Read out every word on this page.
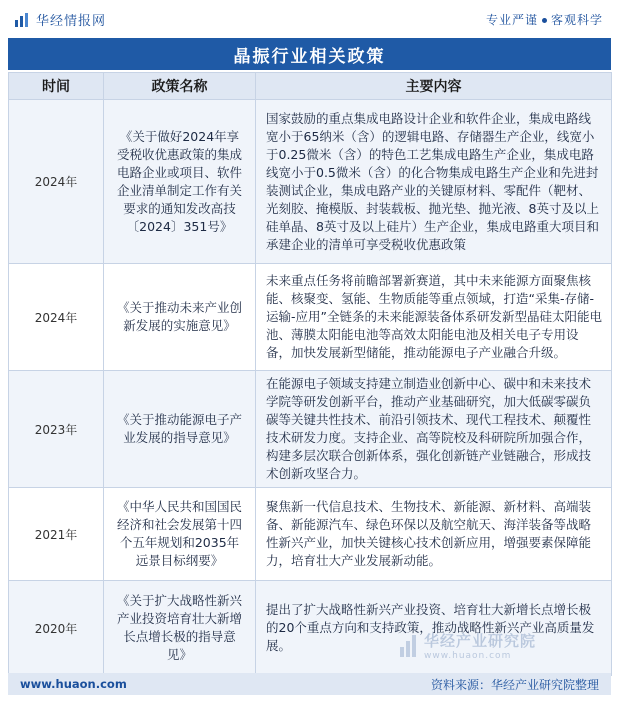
华经情报网	专业严谨 客观科学
晶振行业相关政策
时间	政策名称	主要内容
2024年	《关于做好2024年享受税收优惠政策的集成电路企业或项目、软件企业清单制定工作有关要求的通知发改高技〔2024〕351号》	国家鼓励的重点集成电路设计企业和软件企业，集成电路线宽小于65纳米（含）的逻辑电路、存储器生产企业，线宽小于0.25微米（含）的特色工艺集成电路生产企业，集成电路线宽小于0.5微米（含）的化合物集成电路生产企业和先进封装测试企业，集成电路产业的关键原材料、零配件（靶材、光刻胶、掩模版、封装载板、抛光垫、抛光液、8英寸及以上硅单晶、8英寸及以上硅片）生产企业，集成电路重大项目和承建企业的清单可享受税收优惠政策
2024年	《关于推动未来产业创新发展的实施意见》	未来重点任务将前瞻部署新赛道，其中未来能源方面聚焦核能、核聚变、氢能、生物质能等重点领域，打造“采集-存储-运输-应用”全链条的未来能源装备体系研发新型晶硅太阳能电池、薄膜太阳能电池等高效太阳能电池及相关电子专用设备，加快发展新型储能，推动能源电子产业融合升级。
2023年	《关于推动能源电子产业发展的指导意见》	在能源电子领域支持建立制造业创新中心、碳中和未来技术学院等研发创新平台，推动产业基础研究，加大低碳零碳负碳等关键共性技术、前沿引领技术、现代工程技术、颠覆性技术研发力度。支持企业、高等院校及科研院所加强合作，构建多层次联合创新体系，强化创新链产业链融合，形成技术创新攻坚合力。
2021年	《中华人民共和国国民经济和社会发展第十四个五年规划和2035年远景目标纲要》	聚焦新一代信息技术、生物技术、新能源、新材料、高端装备、新能源汽车、绿色环保以及航空航天、海洋装备等战略性新兴产业，加快关键核心技术创新应用，增强要素保障能力，培育壮大产业发展新动能。
2020年	《关于扩大战略性新兴产业投资培育壮大新增长点增长极的指导意见》	提出了扩大战略性新兴产业投资、培育壮大新增长点增长极的20个重点方向和支持政策，推动战略性新兴产业高质量发展。	华经产业研究院
www.huaon.com
www.huaon.com	资料来源：华经产业研究院整理
